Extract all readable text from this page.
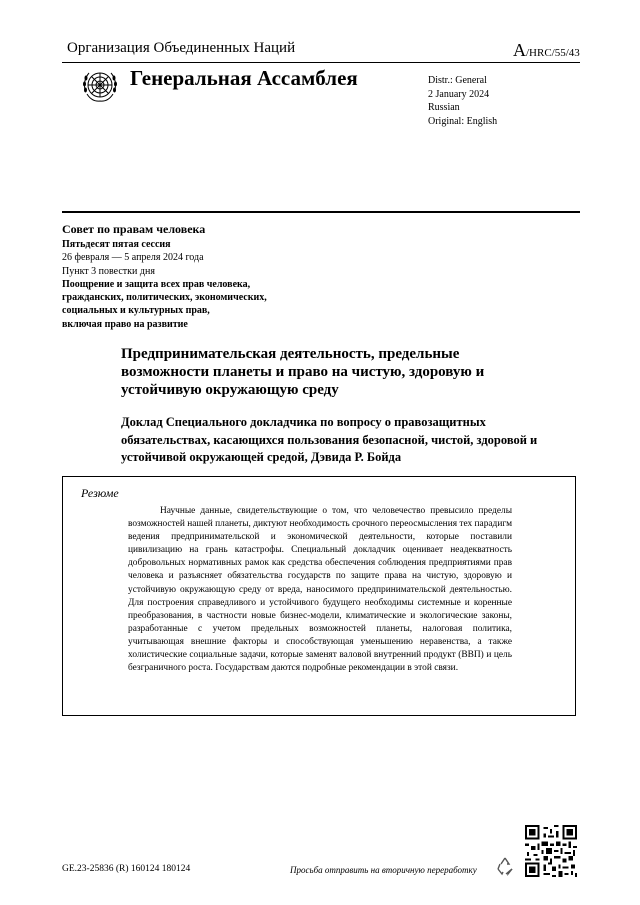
Организация Объединенных Наций	A/HRC/55/43
Генеральная Ассамблея	Distr.: General
2 January 2024
Russian
Original: English
Совет по правам человека
Пятьдесят пятая сессия
26 февраля — 5 апреля 2024 года
Пункт 3 повестки дня
Поощрение и защита всех прав человека,
гражданских, политических, экономических,
социальных и культурных прав,
включая право на развитие
Предпринимательская деятельность, предельные возможности планеты и право на чистую, здоровую и устойчивую окружающую среду
Доклад Специального докладчика по вопросу о правозащитных обязательствах, касающихся пользования безопасной, чистой, здоровой и устойчивой окружающей средой, Дэвида Р. Бойда
Резюме
Научные данные, свидетельствующие о том, что человечество превысило пределы возможностей нашей планеты, диктуют необходимость срочного переосмысления тех парадигм ведения предпринимательской и экономической деятельности, которые поставили цивилизацию на грань катастрофы. Специальный докладчик оценивает неадекватность добровольных нормативных рамок как средства обеспечения соблюдения предприятиями прав человека и разъясняет обязательства государств по защите права на чистую, здоровую и устойчивую окружающую среду от вреда, наносимого предпринимательской деятельностью. Для построения справедливого и устойчивого будущего необходимы системные и коренные преобразования, в частности новые бизнес-модели, климатические и экологические законы, разработанные с учетом предельных возможностей планеты, налоговая политика, учитывающая внешние факторы и способствующая уменьшению неравенства, а также холистические социальные задачи, которые заменят валовой внутренний продукт (ВВП) и цель безграничного роста. Государствам даются подробные рекомендации в этой связи.
GE.23-25836 (R) 160124 180124	Просьба отправить на вторичную переработку
